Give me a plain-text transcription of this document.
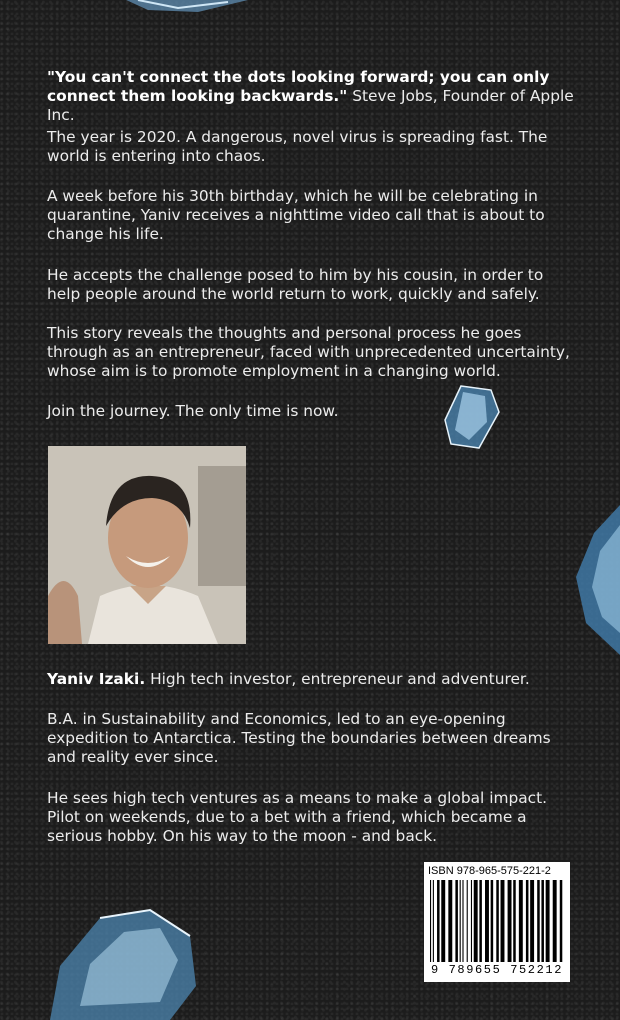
"You can't connect the dots looking forward; you can only connect them looking backwards." Steve Jobs, Founder of Apple Inc.

The year is 2020. A dangerous, novel virus is spreading fast. The world is entering into chaos.

A week before his 30th birthday, which he will be celebrating in quarantine, Yaniv receives a nighttime video call that is about to change his life.

He accepts the challenge posed to him by his cousin, in order to help people around the world return to work, quickly and safely.

This story reveals the thoughts and personal process he goes through as an entrepreneur, faced with unprecedented uncertainty, whose aim is to promote employment in a changing world.

Join the journey. The only time is now.

Yaniv Izaki. High tech investor, entrepreneur and adventurer.

B.A. in Sustainability and Economics, led to an eye-opening expedition to Antarctica. Testing the boundaries between dreams and reality ever since.

He sees high tech ventures as a means to make a global impact. Pilot on weekends, due to a bet with a friend, which became a serious hobby. On his way to the moon - and back.

ISBN 978-965-575-221-2
9 789655 752212
